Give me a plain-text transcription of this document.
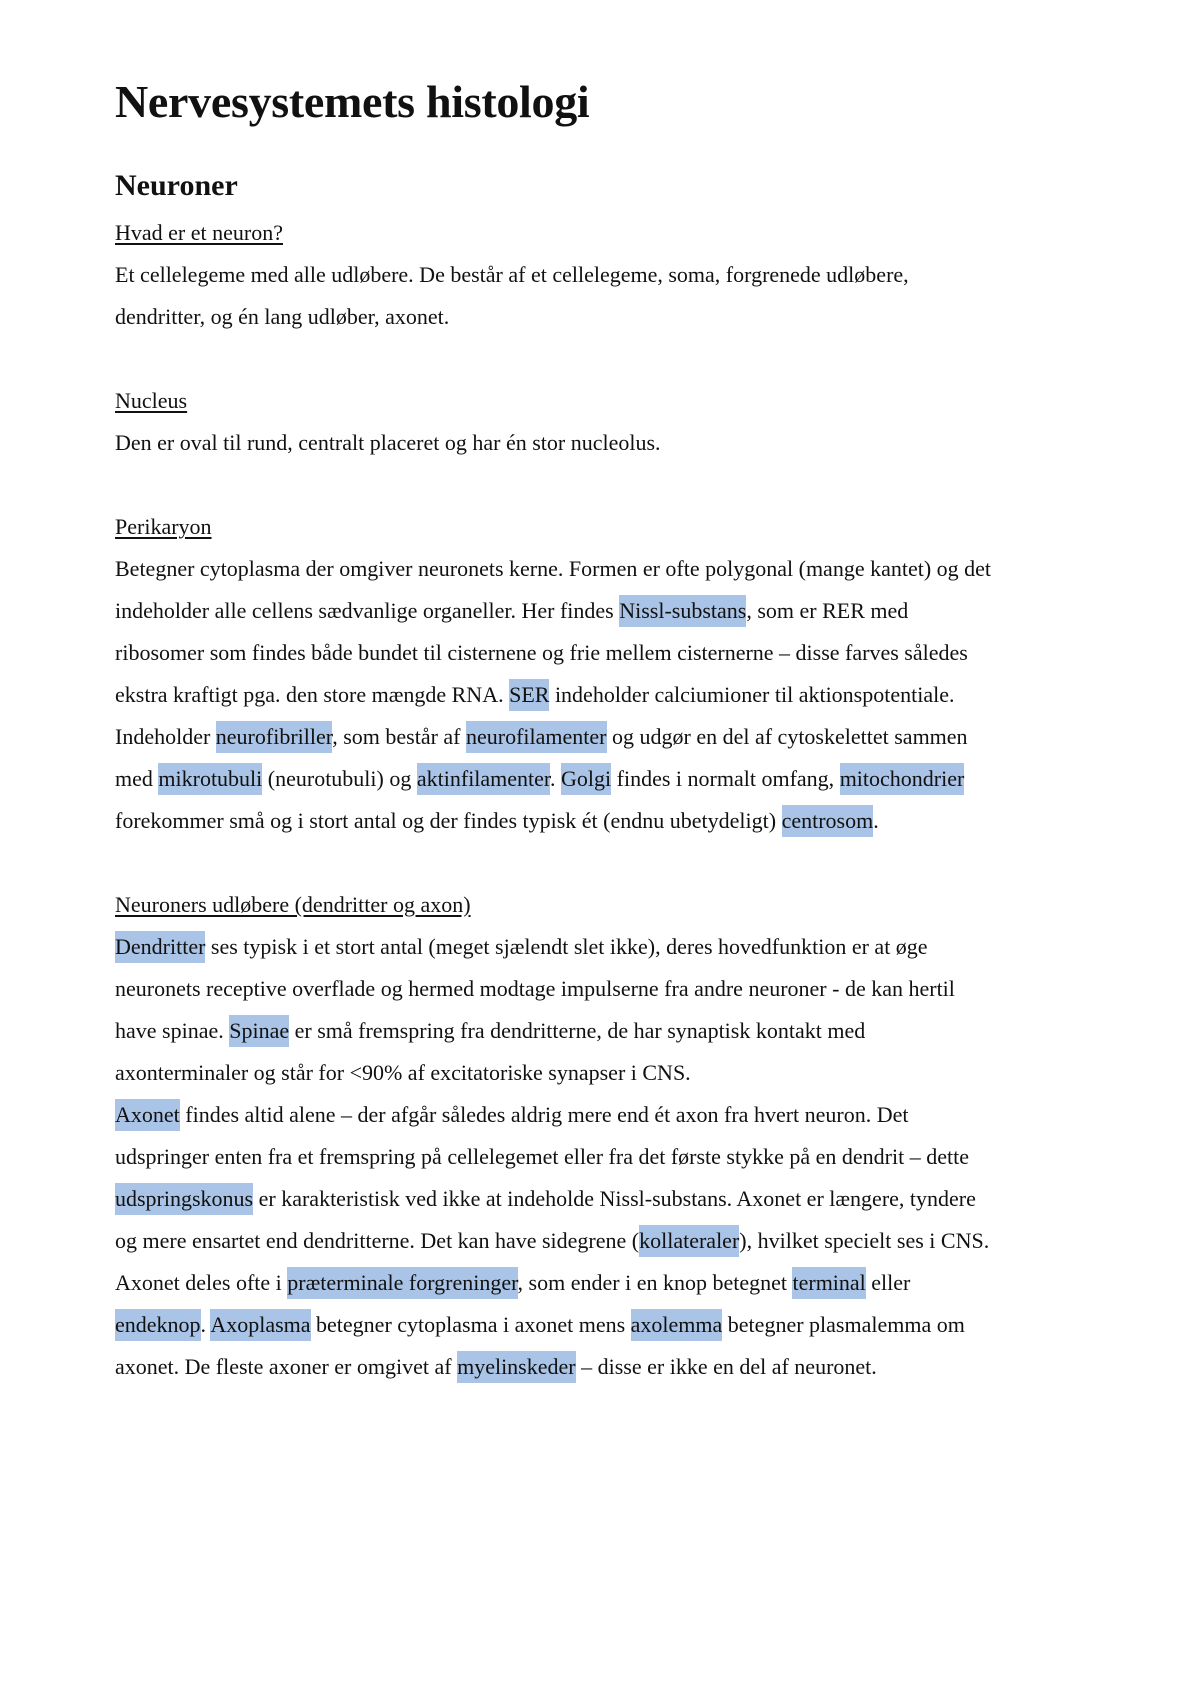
Nervesystemets histologi
Neuroner

Hvad er et neuron?

Et cellelegeme med alle udløbere. De består af et cellelegeme, soma, forgrenede udløbere,

dendritter, og én lang udløber, axonet.

Nucleus

Den er oval til rund, centralt placeret og har én stor nucleolus.

Perikaryon

Betegner cytoplasma der omgiver neuronets kerne. Formen er ofte polygonal (mange kantet) og det

indeholder alle cellens sædvanlige organeller. Her findes Nissl-substans, som er RER med

ribosomer som findes både bundet til cisternene og frie mellem cisternerne – disse farves således

ekstra kraftigt pga. den store mængde RNA. SER indeholder calciumioner til aktionspotentiale.

Indeholder neurofibriller, som består af neurofilamenter og udgør en del af cytoskelettet sammen

med mikrotubuli (neurotubuli) og aktinfilamenter. Golgi findes i normalt omfang, mitochondrier

forekommer små og i stort antal og der findes typisk ét (endnu ubetydeligt) centrosom.

Neuroners udløbere (dendritter og axon)

Dendritter ses typisk i et stort antal (meget sjælendt slet ikke), deres hovedfunktion er at øge

neuronets receptive overflade og hermed modtage impulserne fra andre neuroner - de kan hertil

have spinae. Spinae er små fremspring fra dendritterne, de har synaptisk kontakt med

axonterminaler og står for <90% af excitatoriske synapser i CNS.

Axonet findes altid alene – der afgår således aldrig mere end ét axon fra hvert neuron. Det

udspringer enten fra et fremspring på cellelegemet eller fra det første stykke på en dendrit – dette

udspringskonus er karakteristisk ved ikke at indeholde Nissl-substans. Axonet er længere, tyndere

og mere ensartet end dendritterne. Det kan have sidegrene (kollateraler), hvilket specielt ses i CNS.

Axonet deles ofte i præterminale forgreninger, som ender i en knop betegnet terminal eller

endeknop. Axoplasma betegner cytoplasma i axonet mens axolemma betegner plasmalemma om

axonet. De fleste axoner er omgivet af myelinskeder – disse er ikke en del af neuronet.
